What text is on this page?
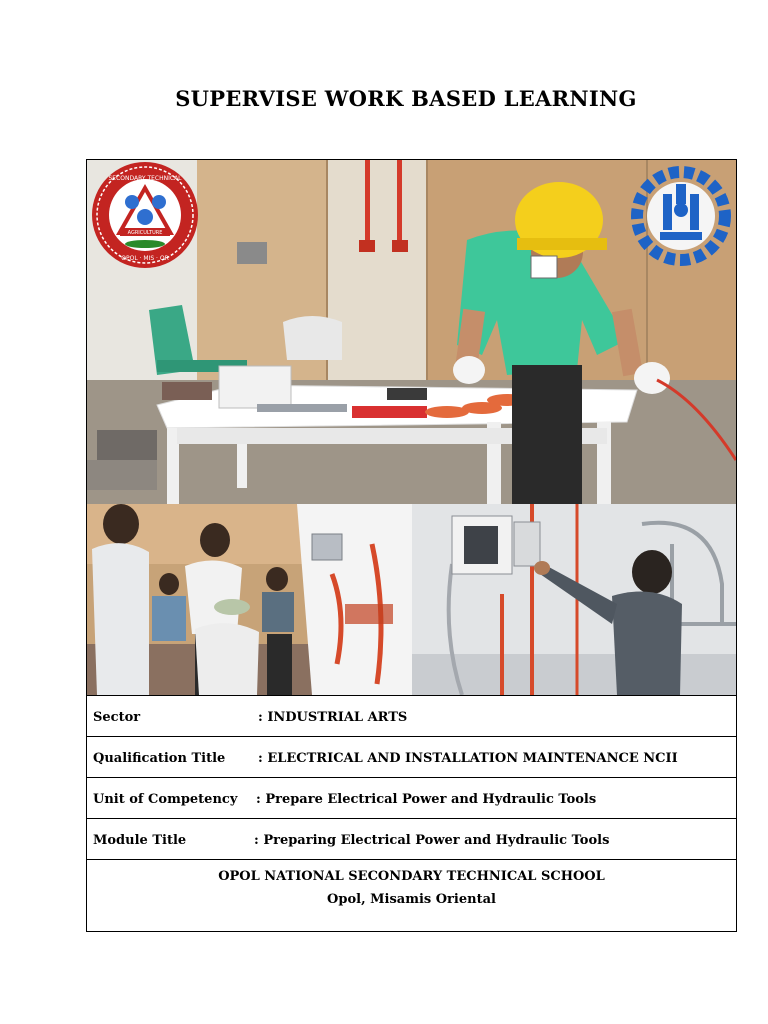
SUPERVISE WORK BASED LEARNING
SECONDARY TECHNICAL
AGRICULTURE
OPOL · MIS · OR
Sector	: INDUSTRIAL ARTS
Qualification Title	: ELECTRICAL AND INSTALLATION MAINTENANCE NCII
Unit of Competency : Prepare Electrical Power and Hydraulic Tools
Module Title	: Preparing Electrical Power and Hydraulic Tools
OPOL NATIONAL SECONDARY TECHNICAL SCHOOL
Opol, Misamis Oriental
